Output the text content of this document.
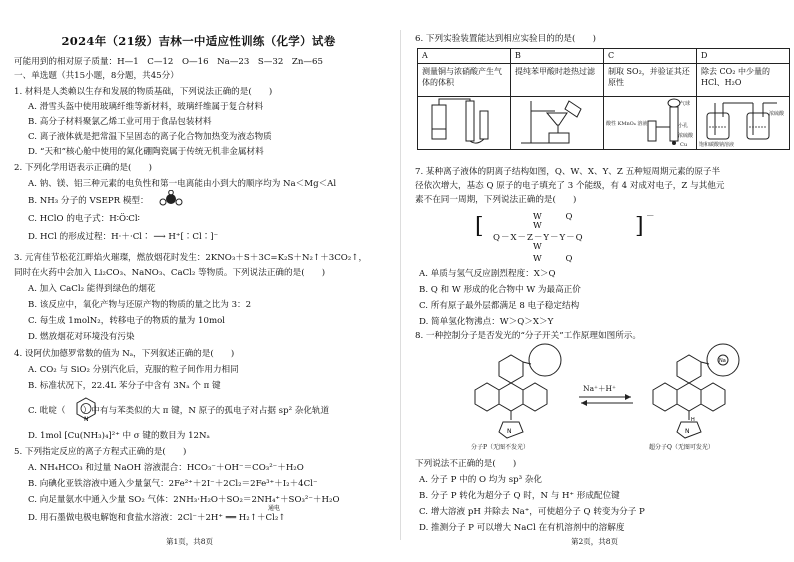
2024年（21级）吉林一中适应性训练（化学）试卷
可能用到的相对原子质量：H—1　C—12　O—16　Na—23　S—32　Zn—65
一、单选题（共15小题，8分题，共45分）
1. 材料是人类赖以生存和发展的物质基础，下列说法正确的是(　　)
A. 滑雪头盔中使用玻璃纤维等新材料，玻璃纤维属于复合材料
B. 高分子材料聚氯乙烯工业可用于食品包装材料
C. 离子液体就是把常温下呈固态的离子化合物加热变为液态物质
D. “天和”核心舱中使用的氮化硼陶瓷属于传统无机非金属材料
2. 下列化学用语表示正确的是(　　)
A. 钠、镁、铝三种元素的电负性和第一电离能由小到大的顺序均为 Na＜Mg＜Al
B. NH₃ 分子的 VSEPR 模型：
C. HClO 的电子式：H∶Ö∶Cl∶
D. HCl 的形成过程：H·＋·Cl∶ ⟶ H⁺[∶Cl∶]⁻
3. 元宵佳节松花江畔焰火璀璨，燃放烟花时发生：2KNO₃＋S＋3C=K₂S＋N₂↑＋3CO₂↑，
同时在火药中会加入 Li₂CO₃、NaNO₃、CaCl₂ 等物质。下列说法正确的是(　　)
A. 加入 CaCl₂ 能得到绿色的烟花
B. 该反应中，氧化产物与还原产物的物质的量之比为 3：2
C. 每生成 1molN₂，转移电子的物质的量为 10mol
D. 燃放烟花对环境没有污染
4. 设阿伏加德罗常数的值为 Nₐ，下列叙述正确的是(　　)
A. CO₂ 与 SiO₂ 分别汽化后，克服的粒子间作用力相同
B. 标准状况下，22.4L 苯分子中含有 3Nₐ 个 π 键
C. 吡啶（　　）中有与苯类似的大 π 键，N 原子的孤电子对占据 sp² 杂化轨道
N
D. 1mol [Cu(NH₃)₄]²⁺ 中 σ 键的数目为 12Nₐ
5. 下列指定反应的离子方程式正确的是(　　)
A. NH₄HCO₃ 和过量 NaOH 溶液混合：HCO₃⁻＋OH⁻＝CO₃²⁻＋H₂O
B. 向碘化亚铁溶液中通入少量氯气：2Fe²⁺＋2I⁻＋2Cl₂＝2Fe³⁺＋I₂＋4Cl⁻
C. 向足量氨水中通入少量 SO₂ 气体：2NH₃·H₂O＋SO₂＝2NH₄⁺＋SO₃²⁻＋H₂O
D. 用石墨做电极电解饱和食盐水溶液：2Cl⁻＋2H⁺ ══ H₂↑＋Cl₂↑
通电
第1页，共8页
6. 下列实验装置能达到相应实验目的的是(　　)
A	B	C	D
测量铜与浓硝酸产生气体的体积	提纯苯甲酸时趁热过滤	制取 SO₂，并验证其还原性	除去 CO₂ 中少量的 HCl、H₂O

酸性 KMnO₄ 溶液
气球
小孔
浓硫酸
Cu	饱和碳酸钠溶液
浓硫酸
7. 某种离子液体的阴离子结构如图，Q、W、X、Y、Z 五种短周期元素的原子半
径依次增大，基态 Q 原子的电子填充了 3 个能级，有 4 对成对电子，Z 与其他元
素不在同一周期，下列说法正确的是(　　)
[	] －
W　　 Q
Q－X－Z－Y－Y－Q
W　　 Q
W
W
A. 单质与氢气反应剧烈程度：X＞Q
B. Q 和 W 形成的化合物中 W 为最高正价
C. 所有原子最外层都满足 8 电子稳定结构
D. 简单氢化物沸点：W＞Q＞X＞Y
8. 一种控制分子是否发光的“分子开关”工作原理如图所示。
N
Na⁺＋H⁺
N
H
Na
分子P（无图不发光）	超分子Q（无图可发光）
下列说法不正确的是(　　)
A. 分子 P 中的 O 均为 sp³ 杂化
B. 分子 P 转化为超分子 Q 时，N 与 H⁺ 形成配位键
C. 增大溶液 pH 并除去 Na⁺，可使超分子 Q 转变为分子 P
D. 推测分子 P 可以增大 NaCl 在有机溶剂中的溶解度
第2页，共8页
